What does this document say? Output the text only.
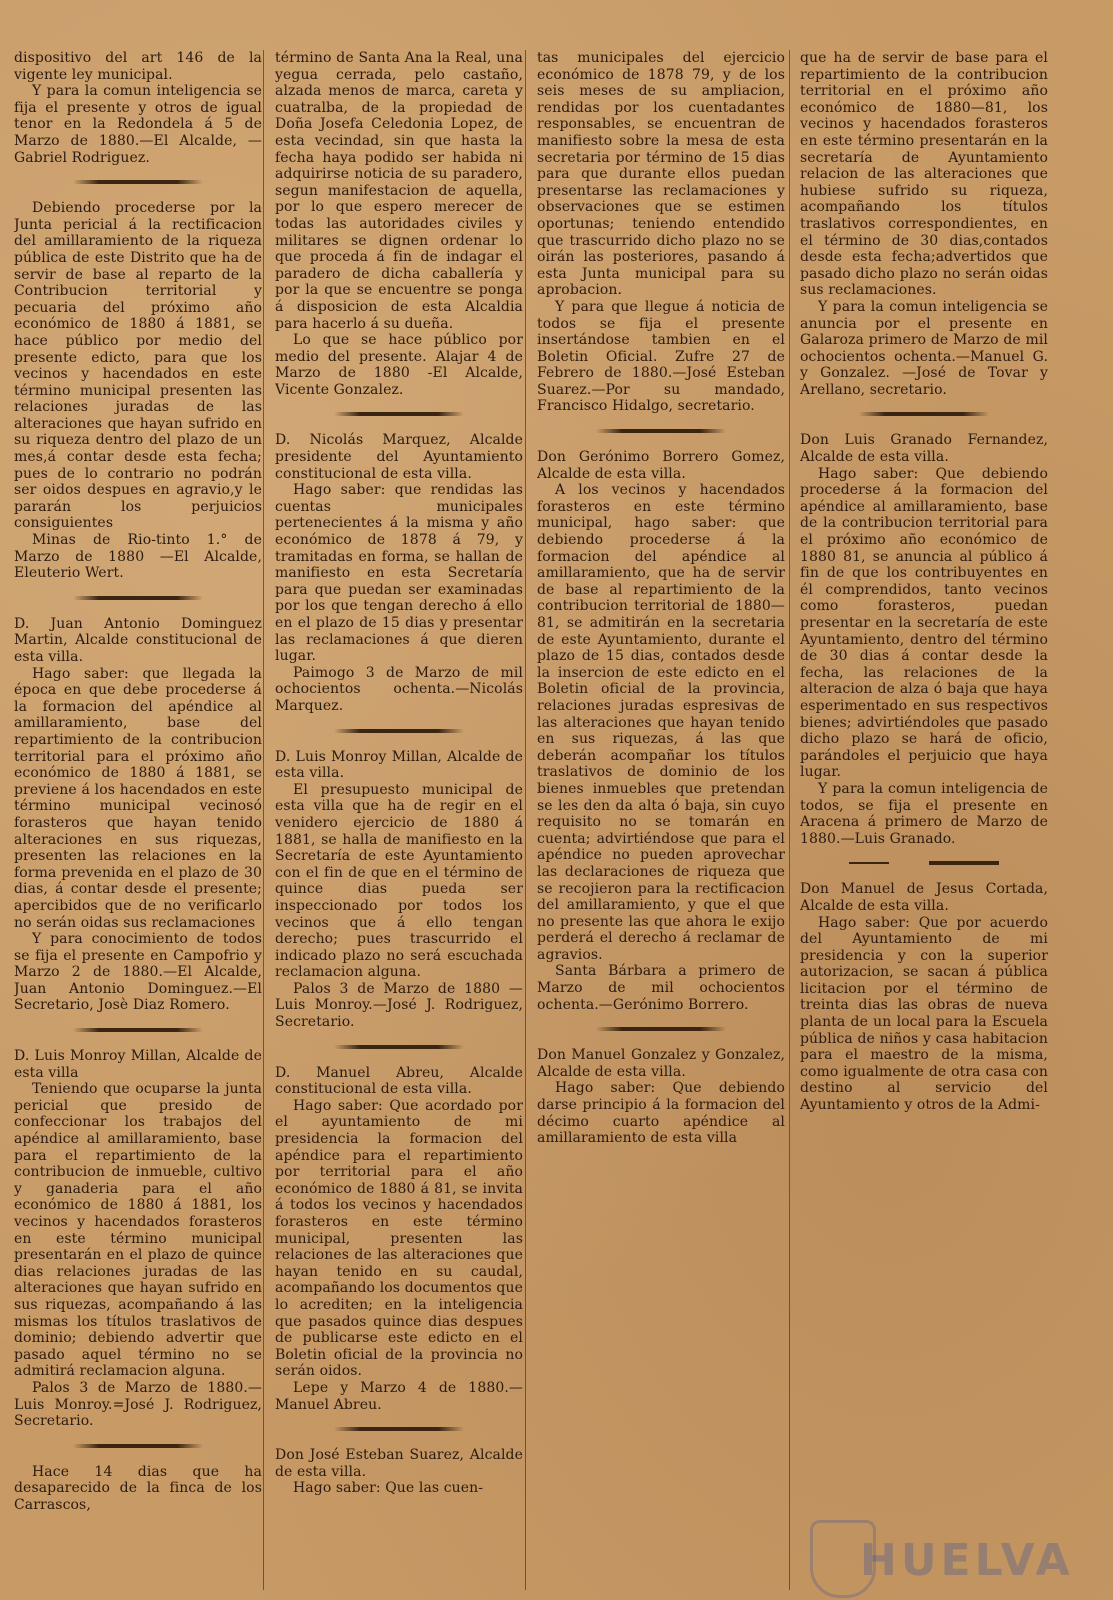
dispositivo del art 146 de la vigente ley municipal.

Y para la comun inteligencia se fija el presente y otros de igual tenor en la Redondela á 5 de Marzo de 1880.—El Alcalde, —Gabriel Rodriguez.

Debiendo procederse por la Junta pericial á la rectificacion del amillaramiento de la riqueza pública de este Distrito que ha de servir de base al reparto de la Contribucion territorial y pecuaria del próximo año económico de 1880 á 1881, se hace público por medio del presente edicto, para que los vecinos y hacendados en este término municipal presenten las relaciones juradas de las alteraciones que hayan sufrido en su riqueza dentro del plazo de un mes,á contar desde esta fecha; pues de lo contrario no podrán ser oidos despues en agravio,y le pararán los perjuicios consiguientes

Minas de Rio-tinto 1.° de Marzo de 1880 —El Alcalde, Eleuterio Wert.

D. Juan Antonio Dominguez Martin, Alcalde constitucional de esta villa.

Hago saber: que llegada la época en que debe procederse á la formacion del apéndice al amillaramiento, base del repartimiento de la contribucion territorial para el próximo año económico de 1880 á 1881, se previene á los hacendados en este término municipal vecinosó forasteros que hayan tenido alteraciones en sus riquezas, presenten las relaciones en la forma prevenida en el plazo de 30 dias, á contar desde el presente; apercibidos que de no verificarlo no serán oidas sus reclamaciones

Y para conocimiento de todos se fija el presente en Campofrio y Marzo 2 de 1880.—El Alcalde, Juan Antonio Dominguez.—El Secretario, Josè Diaz Romero.

D. Luis Monroy Millan, Alcalde de esta villa

Teniendo que ocuparse la junta pericial que presido de confeccionar los trabajos del apéndice al amillaramiento, base para el repartimiento de la contribucion de inmueble, cultivo y ganaderia para el año económico de 1880 á 1881, los vecinos y hacendados forasteros en este término municipal presentarán en el plazo de quince dias relaciones juradas de las alteraciones que hayan sufrido en sus riquezas, acompañando á las mismas los títulos traslativos de dominio; debiendo advertir que pasado aquel término no se admitirá reclamacion alguna.

Palos 3 de Marzo de 1880.—Luis Monroy.=José J. Rodriguez, Secretario.

Hace 14 dias que ha desaparecido de la finca de los Carrascos,

término de Santa Ana la Real, una yegua cerrada, pelo castaño, alzada menos de marca, careta y cuatralba, de la propiedad de Doña Josefa Celedonia Lopez, de esta vecindad, sin que hasta la fecha haya podido ser habida ni adquirirse noticia de su paradero, segun manifestacion de aquella, por lo que espero merecer de todas las autoridades civiles y militares se dignen ordenar lo que proceda á fin de indagar el paradero de dicha caballería y por la que se encuentre se ponga á disposicion de esta Alcaldia para hacerlo á su dueña.

Lo que se hace público por medio del presente. Alajar 4 de Marzo de 1880 -El Alcalde, Vicente Gonzalez.

D. Nicolás Marquez, Alcalde presidente del Ayuntamiento constitucional de esta villa.

Hago saber: que rendidas las cuentas municipales pertenecientes á la misma y año económico de 1878 á 79, y tramitadas en forma, se hallan de manifiesto en esta Secretaría para que puedan ser examinadas por los que tengan derecho á ello en el plazo de 15 dias y presentar las reclamaciones á que dieren lugar.

Paimogo 3 de Marzo de mil ochocientos ochenta.—Nicolás Marquez.

D. Luis Monroy Millan, Alcalde de esta villa.

El presupuesto municipal de esta villa que ha de regir en el venidero ejercicio de 1880 á 1881, se halla de manifiesto en la Secretaría de este Ayuntamiento con el fin de que en el término de quince dias pueda ser inspeccionado por todos los vecinos que á ello tengan derecho; pues trascurrido el indicado plazo no será escuchada reclamacion alguna.

Palos 3 de Marzo de 1880 — Luis Monroy.—José J. Rodriguez, Secretario.

D. Manuel Abreu, Alcalde constitucional de esta villa.

Hago saber: Que acordado por el ayuntamiento de mi presidencia la formacion del apéndice para el repartimiento por territorial para el año económico de 1880 á 81, se invita á todos los vecinos y hacendados forasteros en este término municipal, presenten las relaciones de las alteraciones que hayan tenido en su caudal, acompañando los documentos que lo acrediten; en la inteligencia que pasados quince dias despues de publicarse este edicto en el Boletin oficial de la provincia no serán oidos.

Lepe y Marzo 4 de 1880.—Manuel Abreu.

Don José Esteban Suarez, Alcalde de esta villa.

Hago saber: Que las cuen-

tas municipales del ejercicio económico de 1878 79, y de los seis meses de su ampliacion, rendidas por los cuentadantes responsables, se encuentran de manifiesto sobre la mesa de esta secretaria por término de 15 dias para que durante ellos puedan presentarse las reclamaciones y observaciones que se estimen oportunas; teniendo entendido que trascurrido dicho plazo no se oirán las posteriores, pasando á esta Junta municipal para su aprobacion.

Y para que llegue á noticia de todos se fija el presente insertándose tambien en el Boletin Oficial. Zufre 27 de Febrero de 1880.—José Esteban Suarez.—Por su mandado, Francisco Hidalgo, secretario.

Don Gerónimo Borrero Gomez, Alcalde de esta villa.

A los vecinos y hacendados forasteros en este término municipal, hago saber: que debiendo procederse á la formacion del apéndice al amillaramiento, que ha de servir de base al repartimiento de la contribucion territorial de 1880—81, se admitirán en la secretaria de este Ayuntamiento, durante el plazo de 15 dias, contados desde la insercion de este edicto en el Boletin oficial de la provincia, relaciones juradas espresivas de las alteraciones que hayan tenido en sus riquezas, á las que deberán acompañar los títulos traslativos de dominio de los bienes inmuebles que pretendan se les den da alta ó baja, sin cuyo requisito no se tomarán en cuenta; advirtiéndose que para el apéndice no pueden aprovechar las declaraciones de riqueza que se recojieron para la rectificacion del amillaramiento, y que el que no presente las que ahora le exijo perderá el derecho á reclamar de agravios.

Santa Bárbara a primero de Marzo de mil ochocientos ochenta.—Gerónimo Borrero.

Don Manuel Gonzalez y Gonzalez, Alcalde de esta villa.

Hago saber: Que debiendo darse principio á la formacion del décimo cuarto apéndice al amillaramiento de esta villa

que ha de servir de base para el repartimiento de la contribucion territorial en el próximo año económico de 1880—81, los vecinos y hacendados forasteros en este término presentarán en la secretaría de Ayuntamiento relacion de las alteraciones que hubiese sufrido su riqueza, acompañando los títulos traslativos correspondientes, en el término de 30 dias,contados desde esta fecha;advertidos que pasado dicho plazo no serán oidas sus reclamaciones.

Y para la comun inteligencia se anuncia por el presente en Galaroza primero de Marzo de mil ochocientos ochenta.—Manuel G. y Gonzalez. —José de Tovar y Arellano, secretario.

Don Luis Granado Fernandez, Alcalde de esta villa.

Hago saber: Que debiendo procederse á la formacion del apéndice al amillaramiento, base de la contribucion territorial para el próximo año económico de 1880 81, se anuncia al público á fin de que los contribuyentes en él comprendidos, tanto vecinos como forasteros, puedan presentar en la secretaría de este Ayuntamiento, dentro del término de 30 dias á contar desde la fecha, las relaciones de la alteracion de alza ó baja que haya esperimentado en sus respectivos bienes; advirtiéndoles que pasado dicho plazo se hará de oficio, parándoles el perjuicio que haya lugar.

Y para la comun inteligencia de todos, se fija el presente en Aracena á primero de Marzo de 1880.—Luis Granado.

Don Manuel de Jesus Cortada, Alcalde de esta villa.

Hago saber: Que por acuerdo del Ayuntamiento de mi presidencia y con la superior autorizacion, se sacan á pública licitacion por el término de treinta dias las obras de nueva planta de un local para la Escuela pública de niños y casa habitacion para el maestro de la misma, como igualmente de otra casa con destino al servicio del Ayuntamiento y otros de la Admi-

HUELVA
